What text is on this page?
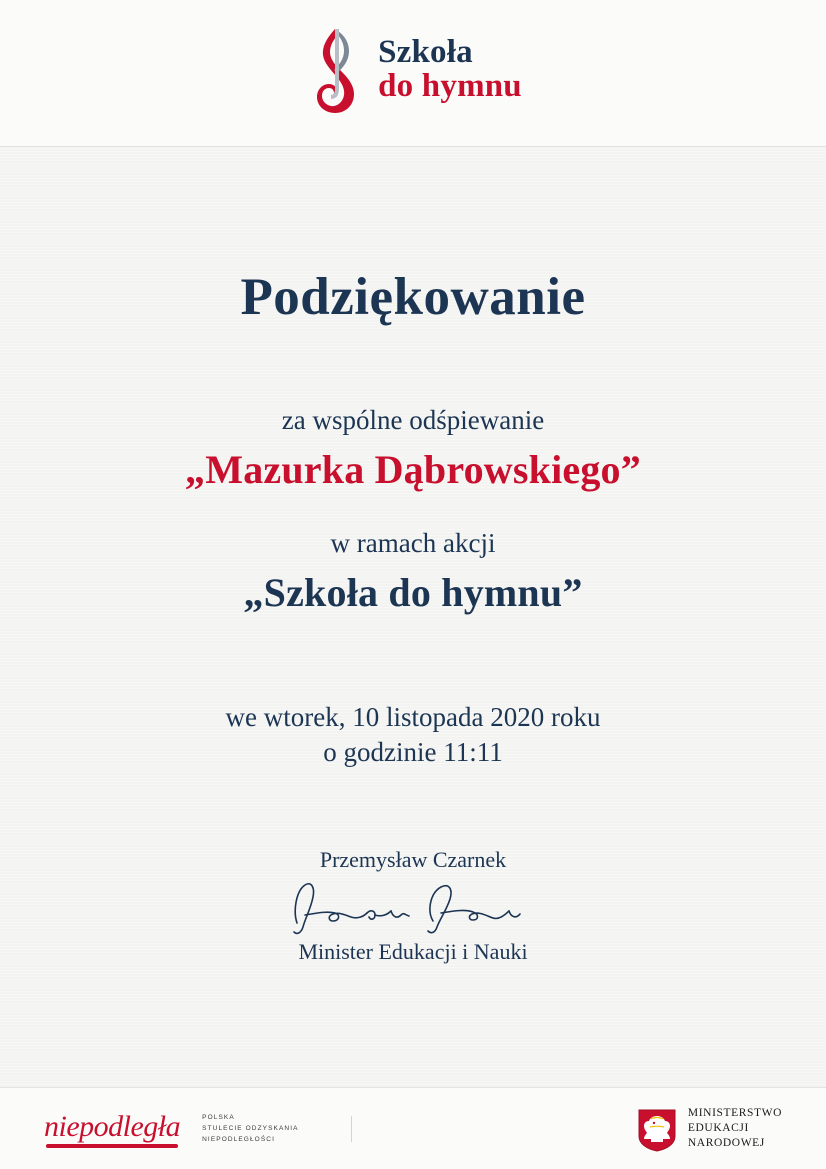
Szkoła
do hymnu
Podziękowanie
za wspólne odśpiewanie
„Mazurka Dąbrowskiego”
w ramach akcji
„Szkoła do hymnu”
we wtorek, 10 listopada 2020 roku
o godzinie 11:11
Przemysław Czarnek
Minister Edukacji i Nauki
niepodległa	POLSKA
STULECIE ODZYSKANIA
NIEPODLEGŁOŚCI
MINISTERSTWO
EDUKACJI
NARODOWEJ
